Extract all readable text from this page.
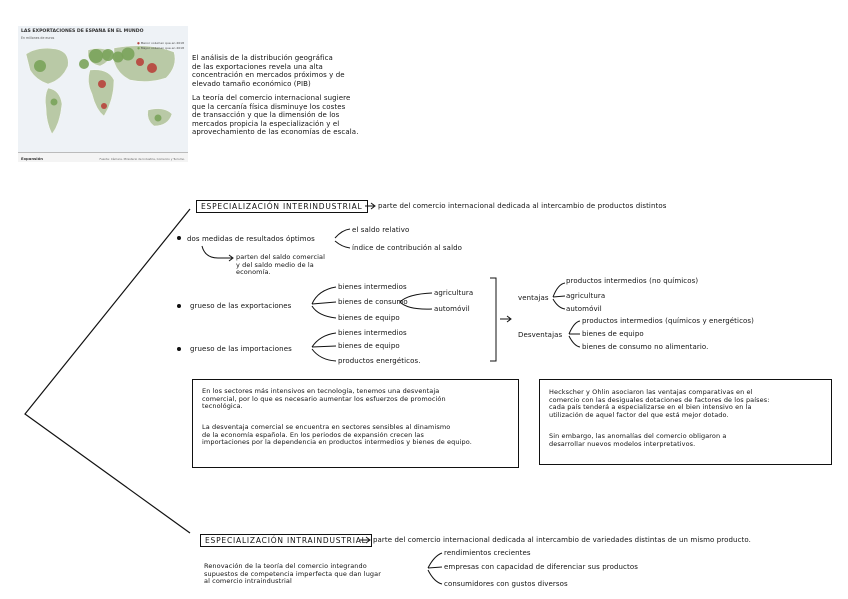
LAS EXPORTACIONES DE ESPAÑA EN EL MUNDO
En millones de euros
● Menor volumen que en 2018
● Mayor volumen que en 2018
Expansión	Fuente: Cámara. Ministerio de Industria, Comercio y Turismo.
El análisis de la distribución geográfica
de las exportaciones revela una alta
concentración en mercados próximos y de
elevado tamaño económico (PIB)
La teoría del comercio internacional sugiere
que la cercanía física disminuye los costes
de transacción y que la dimensión de los
mercados propicia la especialización y el
aprovechamiento de las economías de escala.
ESPECIALIZACIÓN INTERINDUSTRIAL	parte del comercio internacional dedicada al intercambio de productos distintos
dos medidas de resultados óptimos
el saldo relativo
índice de contribución al saldo
parten del saldo comercial
y del saldo medio de la
economía.
grueso de las exportaciones
bienes intermedios
bienes de consumo
bienes de equipo
agricultura
automóvil
grueso de las importaciones
bienes intermedios
bienes de equipo
productos energéticos.
ventajas
productos intermedios (no químicos)
agricultura
automóvil
Desventajas
productos intermedios (químicos y energéticos)
bienes de equipo
bienes de consumo no alimentario.
En los sectores más intensivos en tecnología, tenemos una desventaja
comercial, por lo que es necesario aumentar los esfuerzos de promoción
tecnológica.
La desventaja comercial se encuentra en sectores sensibles al dinamismo
de la economía española. En los periodos de expansión crecen las
importaciones por la dependencia en productos intermedios y bienes de equipo.
Heckscher y Ohlin asociaron las ventajas comparativas en el
comercio con las desiguales dotaciones de factores de los países:
cada país tenderá a especializarse en el bien intensivo en la
utilización de aquel factor del que está mejor dotado.
Sin embargo, las anomalías del comercio obligaron a
desarrollar nuevos modelos interpretativos.
ESPECIALIZACIÓN INTRAINDUSTRIAL parte del comercio internacional dedicada al intercambio de variedades distintas de un mismo producto.
Renovación de la teoría del comercio integrando
supuestos de competencia imperfecta que dan lugar
al comercio intraindustrial
rendimientos crecientes
empresas con capacidad de diferenciar sus productos
consumidores con gustos diversos
